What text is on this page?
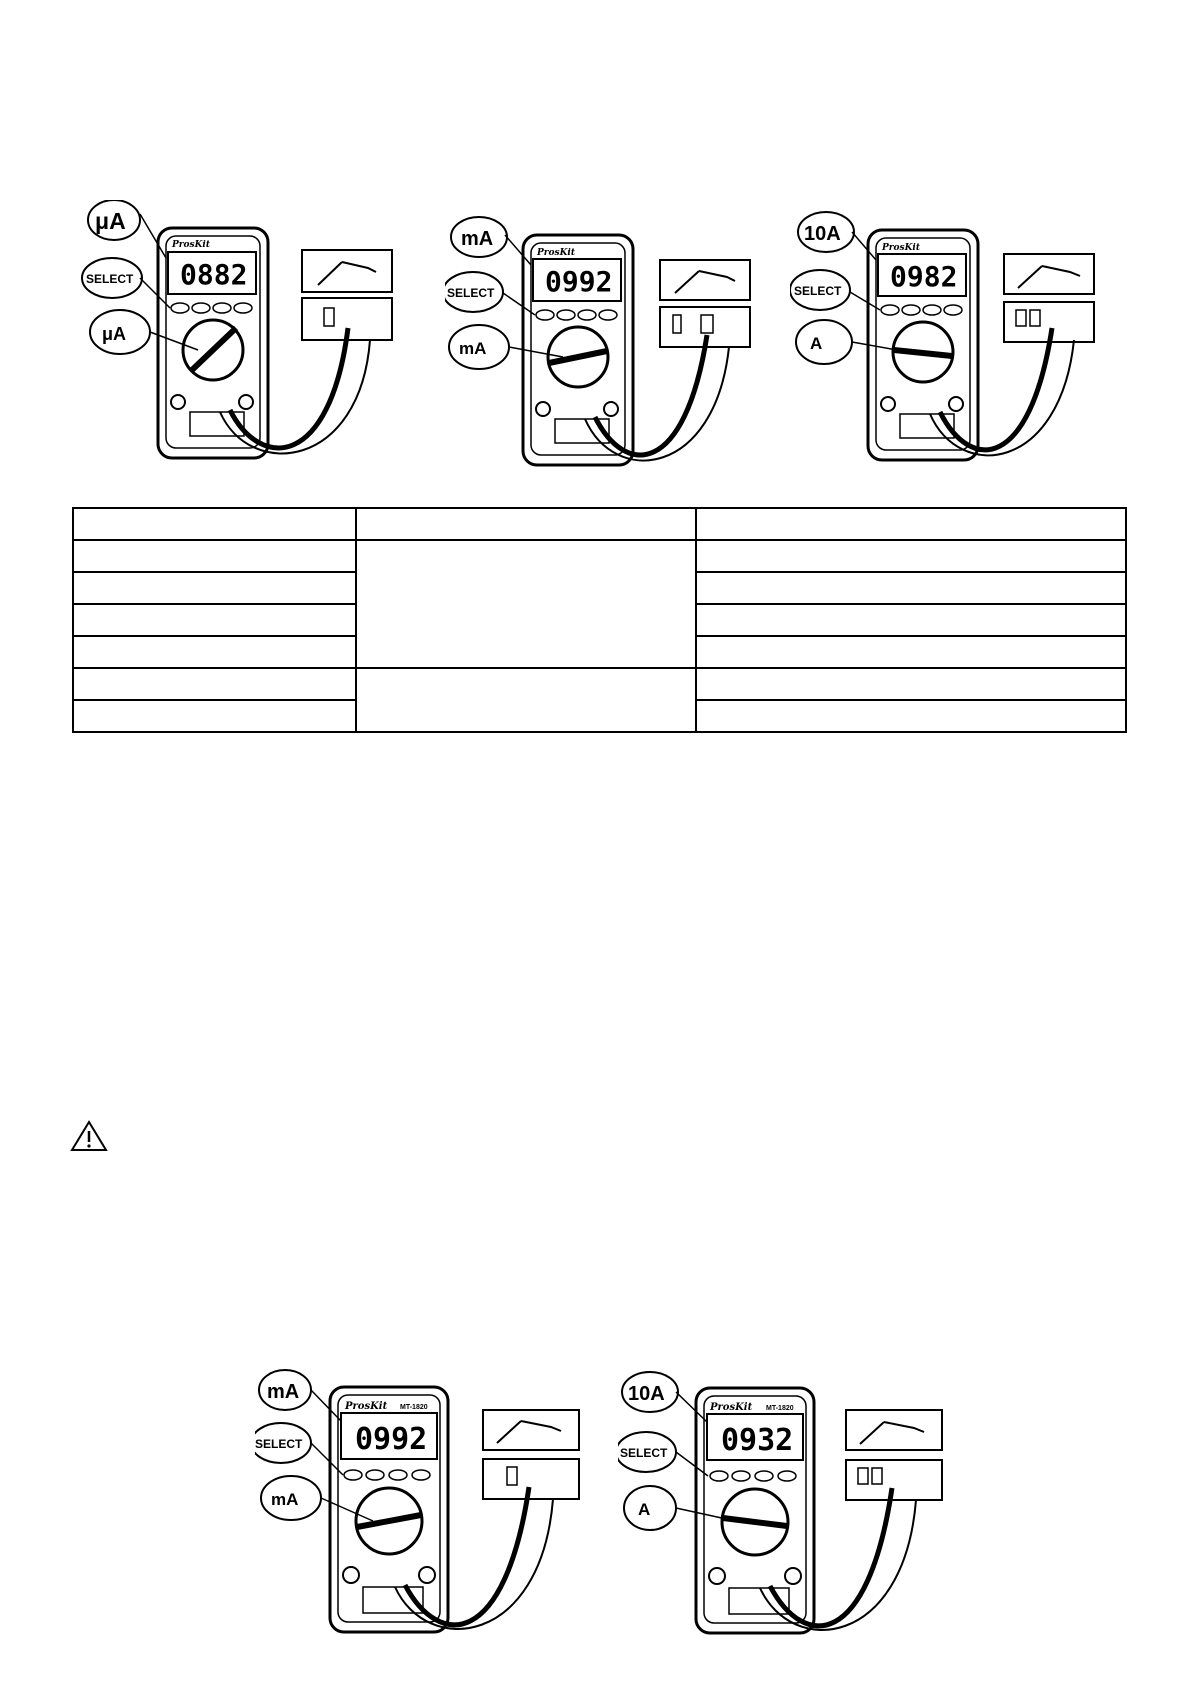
ProsKit
0882
μA
SELECT
μA
ProsKit
0992
mA
SELECT
mA
ProsKit
0982
10A
SELECT
A

ProsKit MT-1820
0992
mA
SELECT
mA
ProsKit MT-1820
0932
10A
SELECT
A
